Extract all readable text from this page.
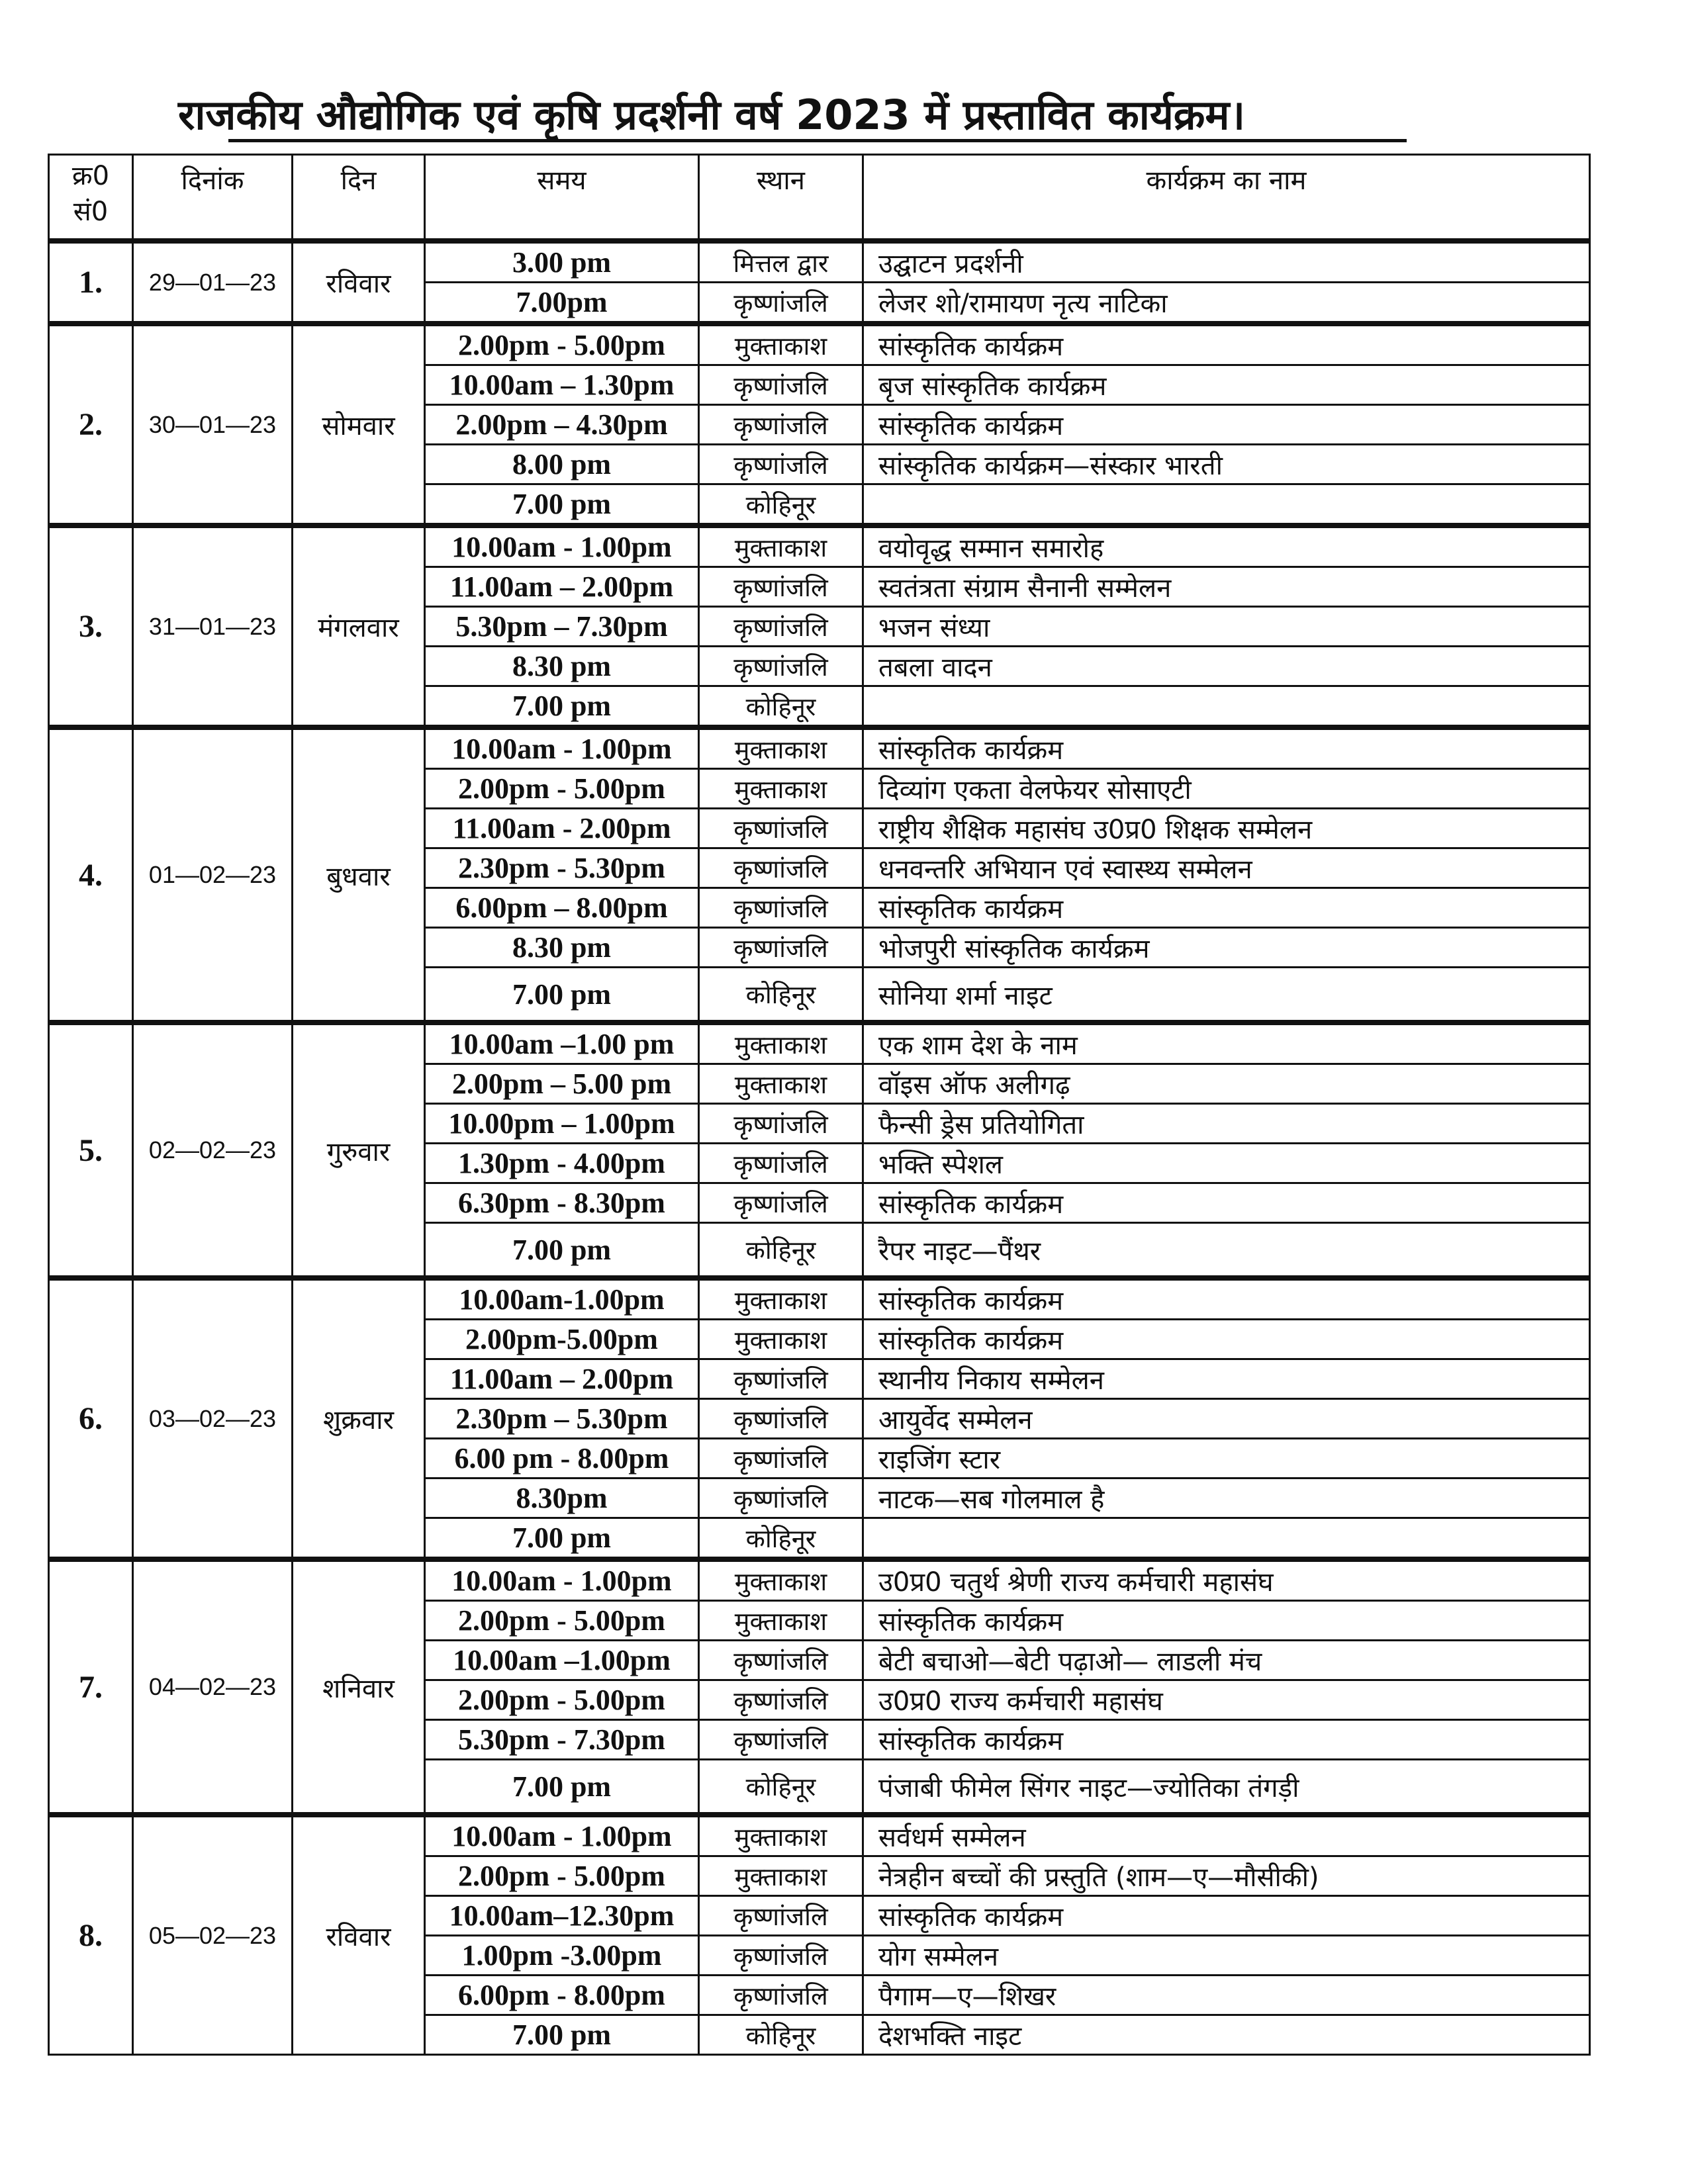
राजकीय औद्योगिक एवं कृषि प्रदर्शनी वर्ष 2023 में प्रस्तावित कार्यक्रम।
क्र0
सं0	दिनांक	दिन	समय	स्थान	कार्यक्रम का नाम
1.	29—01—23	रविवार	3.00 pm	मित्तल द्वार	उद्घाटन प्रदर्शनी
			7.00pm	कृष्णांजलि	लेजर शो/रामायण नृत्य नाटिका
2.	30—01—23	सोमवार	2.00pm - 5.00pm	मुक्ताकाश	सांस्कृतिक कार्यक्रम
			10.00am – 1.30pm	कृष्णांजलि	बृज सांस्कृतिक कार्यक्रम
			2.00pm – 4.30pm	कृष्णांजलि	सांस्कृतिक कार्यक्रम
			8.00 pm	कृष्णांजलि	सांस्कृतिक कार्यक्रम—संस्कार भारती
			7.00 pm	कोहिनूर	
3.	31—01—23	मंगलवार	10.00am - 1.00pm	मुक्ताकाश	वयोवृद्ध सम्मान समारोह
			11.00am – 2.00pm	कृष्णांजलि	स्वतंत्रता संग्राम सैनानी सम्मेलन
			5.30pm – 7.30pm	कृष्णांजलि	भजन संध्या
			8.30 pm	कृष्णांजलि	तबला वादन
			7.00 pm	कोहिनूर	
4.	01—02—23	बुधवार	10.00am - 1.00pm	मुक्ताकाश	सांस्कृतिक कार्यक्रम
			2.00pm - 5.00pm	मुक्ताकाश	दिव्यांग एकता वेलफेयर सोसाएटी
			11.00am - 2.00pm	कृष्णांजलि	राष्ट्रीय शैक्षिक महासंघ उ0प्र0 शिक्षक सम्मेलन
			2.30pm - 5.30pm	कृष्णांजलि	धनवन्तरि अभियान एवं स्वास्थ्य सम्मेलन
			6.00pm – 8.00pm	कृष्णांजलि	सांस्कृतिक कार्यक्रम
			8.30 pm	कृष्णांजलि	भोजपुरी सांस्कृतिक कार्यक्रम
			7.00 pm	कोहिनूर	सोनिया शर्मा नाइट
5.	02—02—23	गुरुवार	10.00am –1.00 pm	मुक्ताकाश	एक शाम देश के नाम
			2.00pm – 5.00 pm	मुक्ताकाश	वॉइस ऑफ अलीगढ़
			10.00pm – 1.00pm	कृष्णांजलि	फैन्सी ड्रेस प्रतियोगिता
			1.30pm - 4.00pm	कृष्णांजलि	भक्ति स्पेशल
			6.30pm - 8.30pm	कृष्णांजलि	सांस्कृतिक कार्यक्रम
			7.00 pm	कोहिनूर	रैपर नाइट—पैंथर
6.	03—02—23	शुक्रवार	10.00am-1.00pm	मुक्ताकाश	सांस्कृतिक कार्यक्रम
			2.00pm-5.00pm	मुक्ताकाश	सांस्कृतिक कार्यक्रम
			11.00am – 2.00pm	कृष्णांजलि	स्थानीय निकाय सम्मेलन
			2.30pm – 5.30pm	कृष्णांजलि	आयुर्वेद सम्मेलन
			6.00 pm - 8.00pm	कृष्णांजलि	राइजिंग स्टार
			8.30pm	कृष्णांजलि	नाटक—सब गोलमाल है
			7.00 pm	कोहिनूर	
7.	04—02—23	शनिवार	10.00am - 1.00pm	मुक्ताकाश	उ0प्र0 चतुर्थ श्रेणी राज्य कर्मचारी महासंघ
			2.00pm - 5.00pm	मुक्ताकाश	सांस्कृतिक कार्यक्रम
			10.00am –1.00pm	कृष्णांजलि	बेटी बचाओ—बेटी पढ़ाओ— लाडली मंच
			2.00pm - 5.00pm	कृष्णांजलि	उ0प्र0 राज्य कर्मचारी महासंघ
			5.30pm - 7.30pm	कृष्णांजलि	सांस्कृतिक कार्यक्रम
			7.00 pm	कोहिनूर	पंजाबी फीमेल सिंगर नाइट—ज्योतिका तंगड़ी
8.	05—02—23	रविवार	10.00am - 1.00pm	मुक्ताकाश	सर्वधर्म सम्मेलन
			2.00pm - 5.00pm	मुक्ताकाश	नेत्रहीन बच्चों की प्रस्तुति (शाम—ए—मौसीकी)
			10.00am–12.30pm	कृष्णांजलि	सांस्कृतिक कार्यक्रम
			1.00pm -3.00pm	कृष्णांजलि	योग सम्मेलन
			6.00pm - 8.00pm	कृष्णांजलि	पैगाम—ए—शिखर
			7.00 pm	कोहिनूर	देशभक्ति नाइट
